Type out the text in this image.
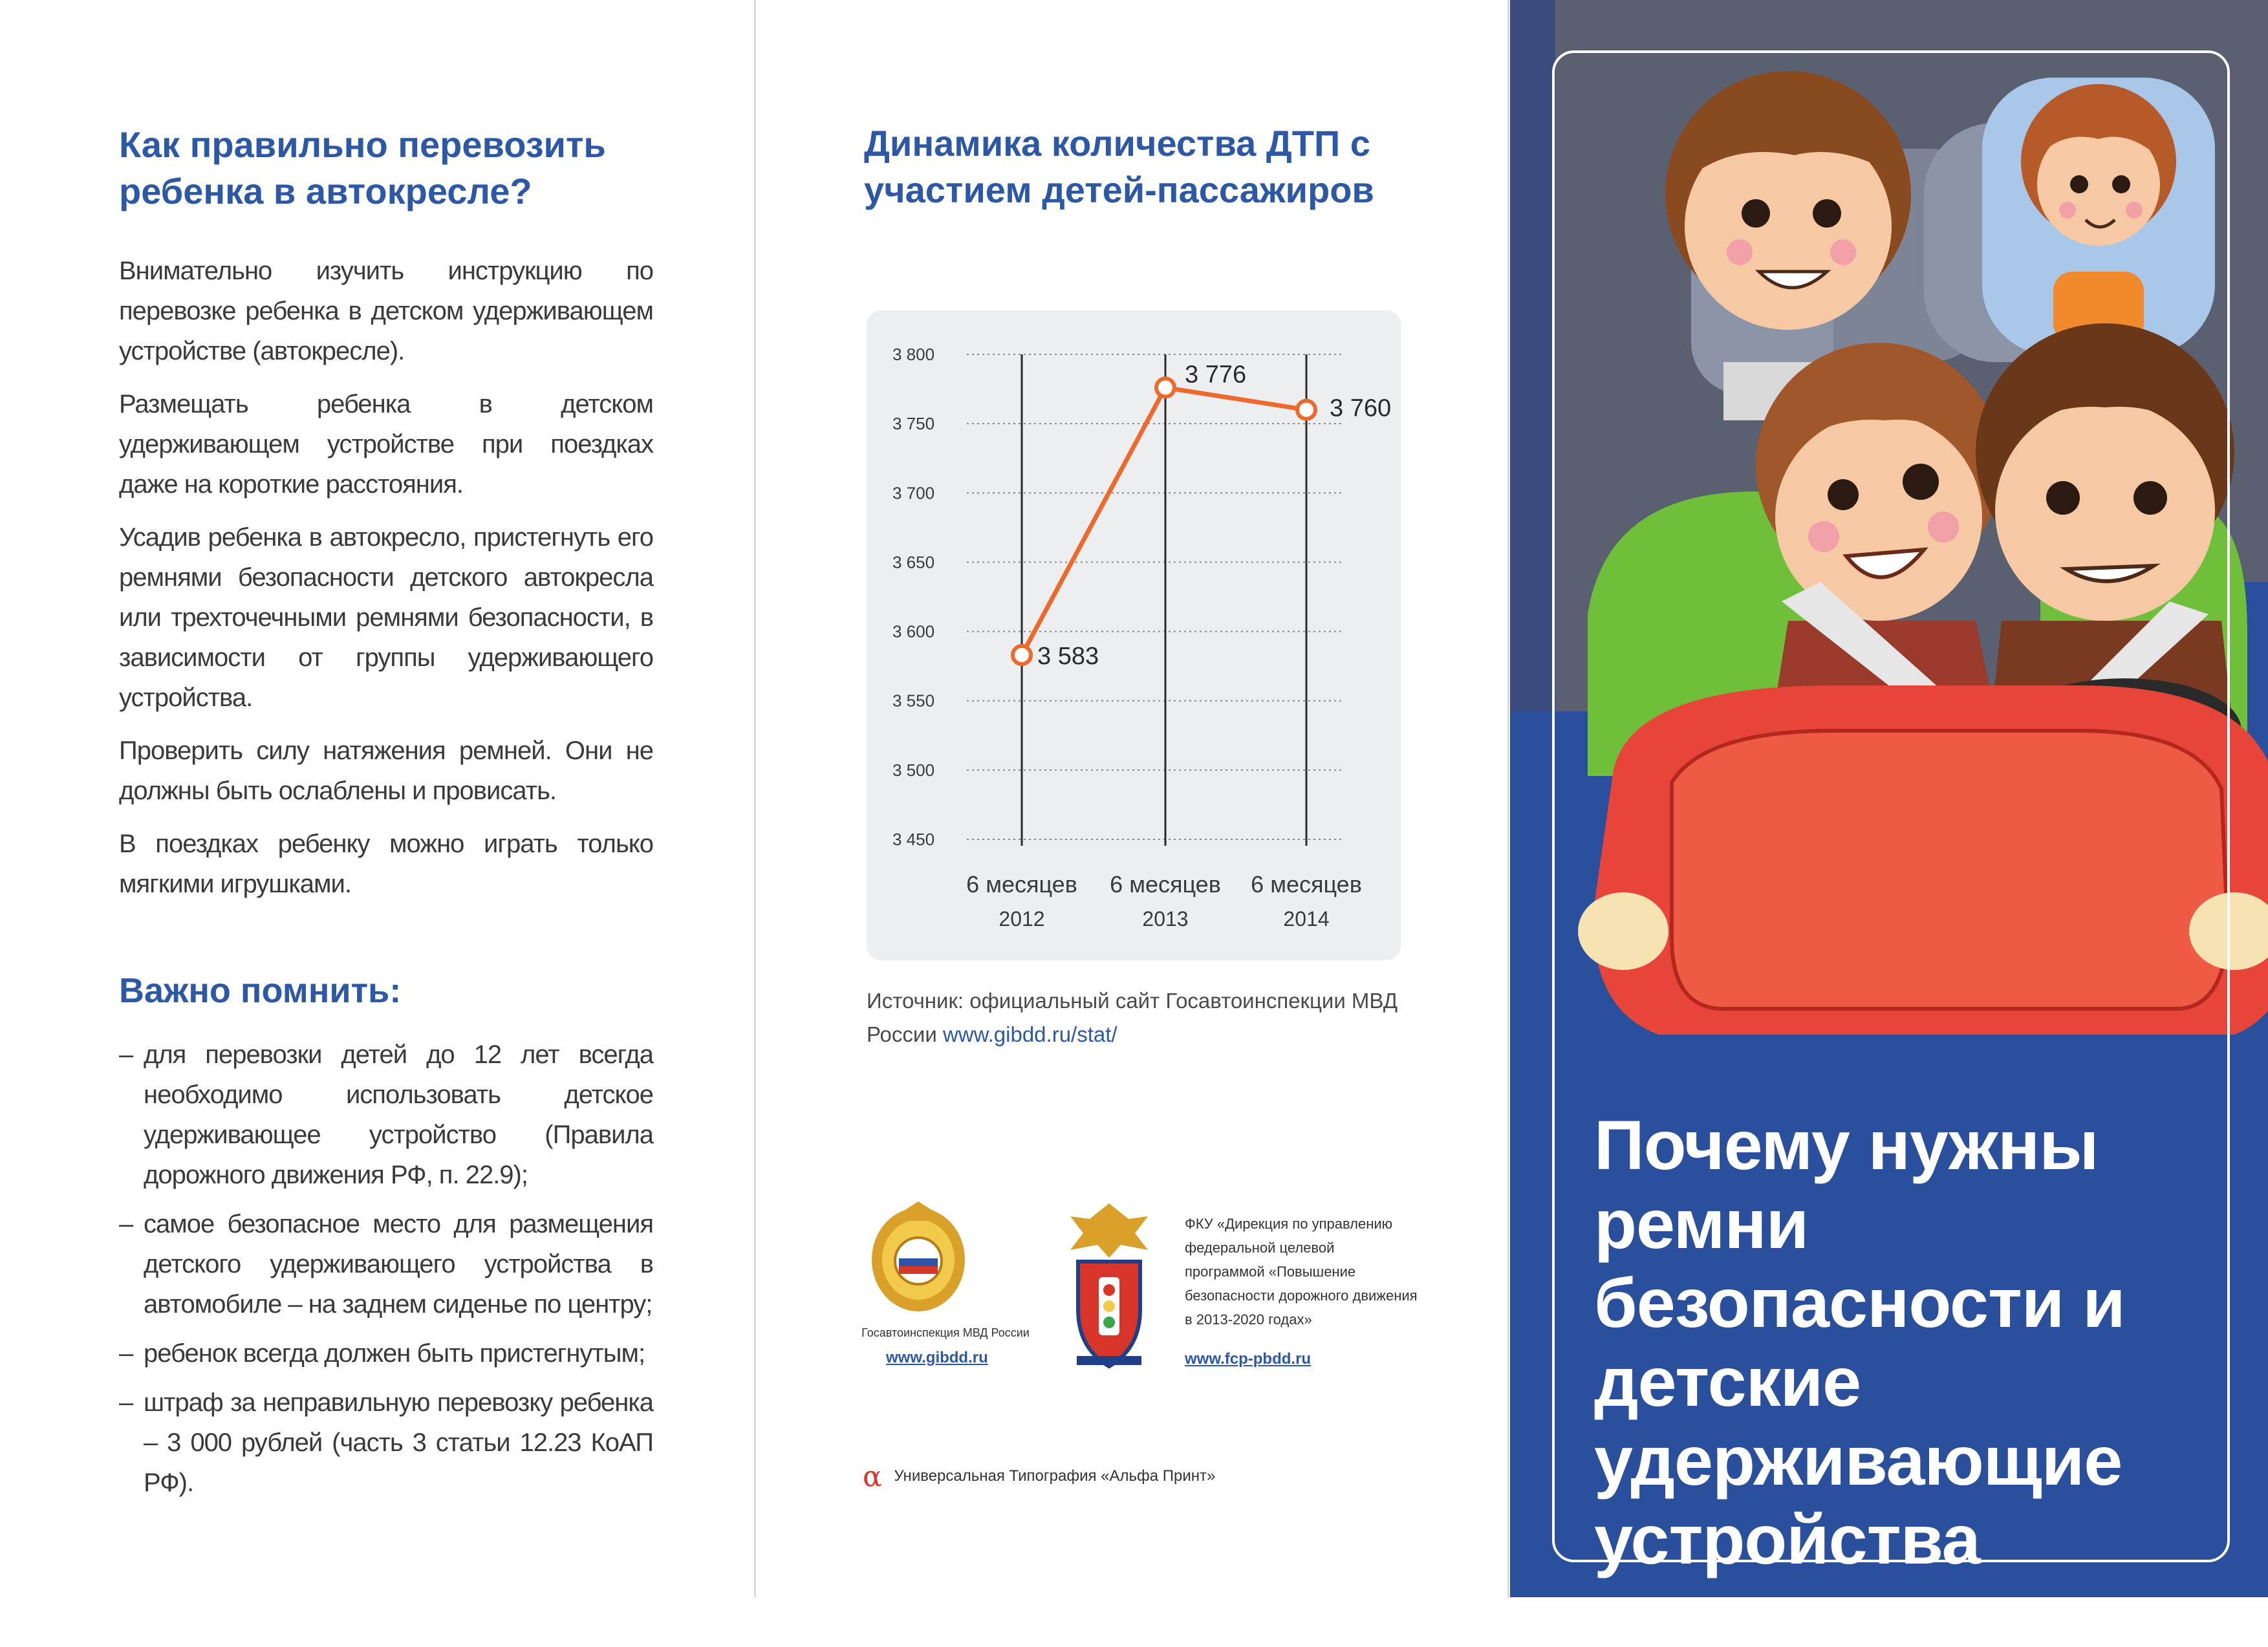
Как правильно перевозить ребенка в автокресле?

Внимательно изучить инструкцию по перевозке ребенка в детском удерживающем устройстве (автокресле).

Размещать ребенка в детском удерживающем устройстве при поездках даже на короткие расстояния.

Усадив ребенка в автокресло, пристегнуть его ремнями безопасности детского автокресла или трехточечными ремнями безопасности, в зависимости от группы удерживающего устройства.

Проверить силу натяжения ремней. Они не должны быть ослаблены и провисать.

В поездках ребенку можно играть только мягкими игрушками.

Важно помнить:
– для перевозки детей до 12 лет всегда необходимо использовать детское удерживающее устройство (Правила дорожного движения РФ, п. 22.9);
– самое безопасное место для размещения детского удерживающего устройства в автомобиле – на заднем сиденье по центру;
– ребенок всегда должен быть пристегнутым;
– штраф за неправильную перевозку ребенка – 3 000 рублей (часть 3 статьи 12.23 КоАП РФ).
Динамика количества ДТП с участием детей-пассажиров
3 800
3 750
3 700
3 650
3 600
3 550
3 500
3 450
3 583
3 776
3 760
6 месяцев
2012
6 месяцев
2013
6 месяцев
2014
Источник: официальный сайт Госавтоинспекции МВД России www.gibdd.ru/stat/
Госавтоинспекция МВД России
www.gibdd.ru
ФКУ «Дирекция по управлению федеральной целевой программой «Повышение безопасности дорожного движения в 2013-2020 годах»
www.fcp-pbdd.ru
α Универсальная Типография «Альфа Принт»
Почему нужны ремни безопасности и детские удерживающие устройства
